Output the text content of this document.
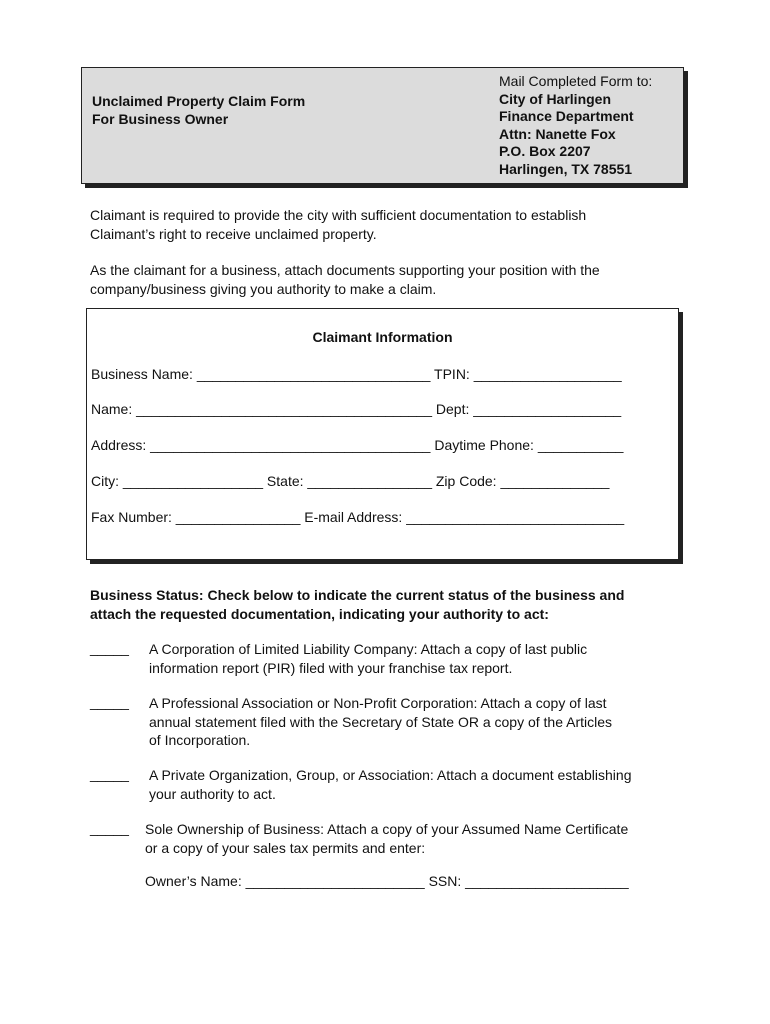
Unclaimed Property Claim Form
For Business Owner
Mail Completed Form to:
City of Harlingen
Finance Department
Attn: Nanette Fox
P.O. Box 2207
Harlingen, TX 78551
Claimant is required to provide the city with sufficient documentation to establish Claimant’s right to receive unclaimed property.
As the claimant for a business, attach documents supporting your position with the company/business giving you authority to make a claim.
Claimant Information
Business Name: ______________________________ TPIN: ___________________
Name: ______________________________________ Dept: ___________________
Address: ____________________________________ Daytime Phone: ___________
City: __________________ State: ________________ Zip Code: ______________
Fax Number: ________________ E-mail Address: ____________________________
Business Status: Check below to indicate the current status of the business and
attach the requested documentation, indicating your authority to act:
_____ A Corporation of Limited Liability Company: Attach a copy of last public
information report (PIR) filed with your franchise tax report.
_____ A Professional Association or Non-Profit Corporation: Attach a copy of last
annual statement filed with the Secretary of State OR a copy of the Articles
of Incorporation.
_____ A Private Organization, Group, or Association: Attach a document establishing
your authority to act.
_____ Sole Ownership of Business: Attach a copy of your Assumed Name Certificate
or a copy of your sales tax permits and enter:
Owner’s Name: _______________________ SSN: _____________________
